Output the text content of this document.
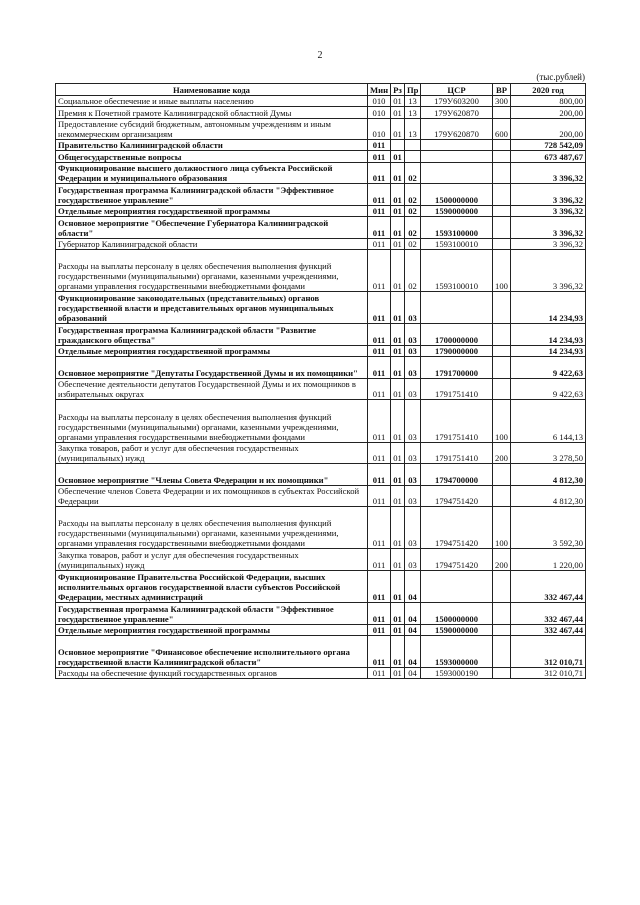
2
(тыс.рублей)
Наименование кода	Мин	Рз	Пр	ЦСР	ВР	2020 год
Социальное обеспечение и иные выплаты населению	010	01	13	179У603200	300	800,00
Премия к Почетной грамоте Калининградской областной Думы	010	01	13	179У620870		200,00
Предоставление субсидий бюджетным, автономным учреждениям и иным некоммерческим организациям	010	01	13	179У620870	600	200,00
Правительство Калининградской области	011					728 542,09
Общегосударственные вопросы	011	01				673 487,67
Функционирование высшего должностного лица субъекта Российской Федерации и муниципального образования	011	01	02			3 396,32
Государственная программа Калининградской области "Эффективное государственное управление"	011	01	02	1500000000		3 396,32
Отдельные мероприятия государственной программы	011	01	02	1590000000		3 396,32
Основное мероприятие "Обеспечение Губернатора Калининградской области"	011	01	02	1593100000		3 396,32
Губернатор Калининградской области	011	01	02	1593100010		3 396,32
Расходы на выплаты персоналу в целях обеспечения выполнения функций государственными (муниципальными) органами, казенными учреждениями, органами управления государственными внебюджетными фондами	011	01	02	1593100010	100	3 396,32
Функционирование законодательных (представительных) органов государственной власти и представительных органов муниципальных образований	011	01	03			14 234,93
Государственная программа Калининградской области "Развитие гражданского общества"	011	01	03	1700000000		14 234,93
Отдельные мероприятия государственной программы	011	01	03	1790000000		14 234,93
Основное мероприятие "Депутаты Государственной Думы и их помощники"	011	01	03	1791700000		9 422,63
Обеспечение деятельности депутатов Государственной Думы и их помощников в избирательных округах	011	01	03	1791751410		9 422,63
Расходы на выплаты персоналу в целях обеспечения выполнения функций государственными (муниципальными) органами, казенными учреждениями, органами управления государственными внебюджетными фондами	011	01	03	1791751410	100	6 144,13
Закупка товаров, работ и услуг для обеспечения государственных (муниципальных) нужд	011	01	03	1791751410	200	3 278,50
Основное мероприятие "Члены Совета Федерации и их помощники"	011	01	03	1794700000		4 812,30
Обеспечение членов Совета Федерации и их помощников в субъектах Российской Федерации	011	01	03	1794751420		4 812,30
Расходы на выплаты персоналу в целях обеспечения выполнения функций государственными (муниципальными) органами, казенными учреждениями, органами управления государственными внебюджетными фондами	011	01	03	1794751420	100	3 592,30
Закупка товаров, работ и услуг для обеспечения государственных (муниципальных) нужд	011	01	03	1794751420	200	1 220,00
Функционирование Правительства Российской Федерации, высших исполнительных органов государственной власти субъектов Российской Федерации, местных администраций	011	01	04			332 467,44
Государственная программа Калининградской области "Эффективное государственное управление"	011	01	04	1500000000		332 467,44
Отдельные мероприятия государственной программы	011	01	04	1590000000		332 467,44
Основное мероприятие "Финансовое обеспечение исполнительного органа государственной власти Калининградской области"	011	01	04	1593000000		312 010,71
Расходы на обеспечение функций государственных органов	011	01	04	1593000190		312 010,71
